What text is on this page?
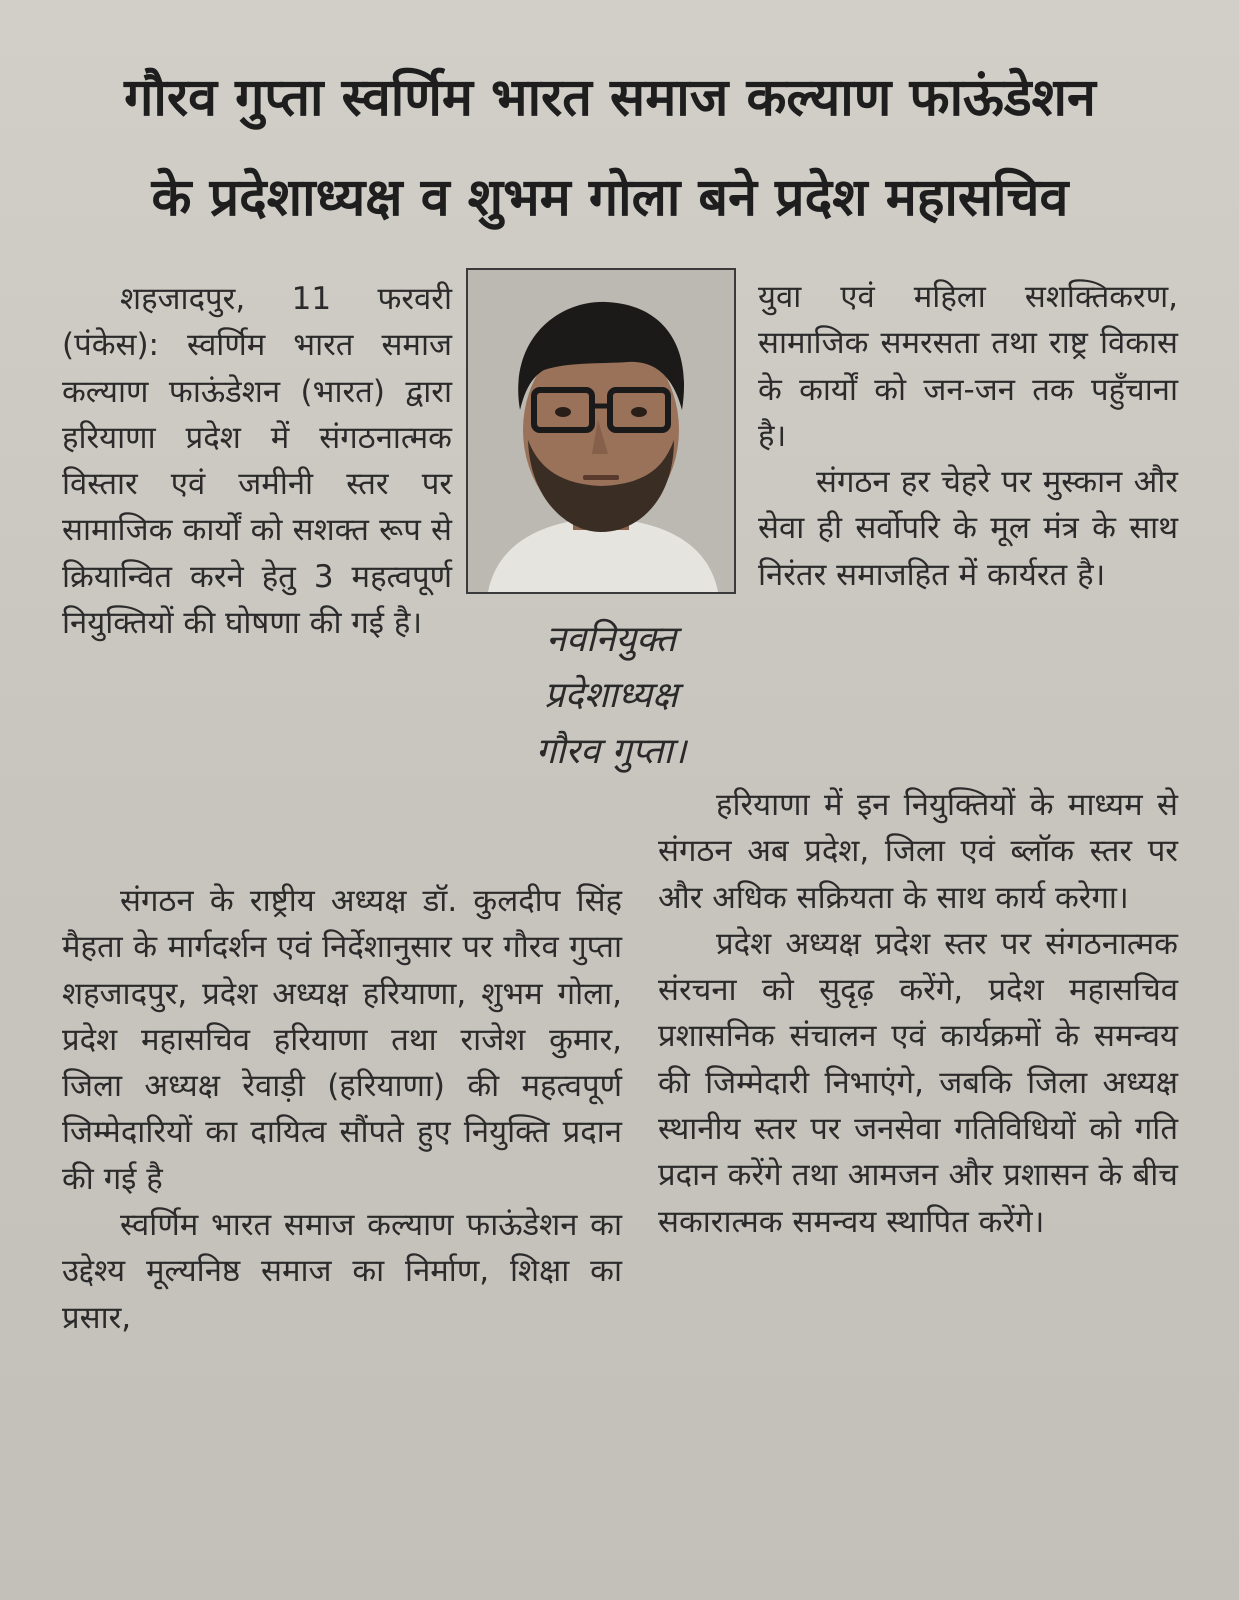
गौरव गुप्ता स्वर्णिम भारत समाज कल्याण फाऊंडेशन
के प्रदेशाध्यक्ष व शुभम गोला बने प्रदेश महासचिव

शहजादपुर, 11 फरवरी (पंकेस): स्वर्णिम भारत समाज कल्याण फाऊंडेशन (भारत) द्वारा हरियाणा प्रदेश में संगठनात्मक विस्तार एवं जमीनी स्तर पर सामाजिक कार्यों को सशक्त रूप से क्रियान्वित करने हेतु 3 महत्वपूर्ण नियुक्तियों की घोषणा की गई है।	नवनियुक्त
प्रदेशाध्यक्ष
गौरव गुप्ता।

युवा एवं महिला सशक्तिकरण, सामाजिक समरसता तथा राष्ट्र विकास के कार्यों को जन-जन तक पहुँचाना है।

संगठन हर चेहरे पर मुस्कान और सेवा ही सर्वोपरि के मूल मंत्र के साथ निरंतर समाजहित में कार्यरत है।

संगठन के राष्ट्रीय अध्यक्ष डॉ. कुलदीप सिंह मैहता के मार्गदर्शन एवं निर्देशानुसार पर गौरव गुप्ता शहजादपुर, प्रदेश अध्यक्ष हरियाणा, शुभम गोला, प्रदेश महासचिव हरियाणा तथा राजेश कुमार, जिला अध्यक्ष रेवाड़ी (हरियाणा) की महत्वपूर्ण जिम्मेदारियों का दायित्व सौंपते हुए नियुक्ति प्रदान की गई है

स्वर्णिम भारत समाज कल्याण फाऊंडेशन का उद्देश्य मूल्यनिष्ठ समाज का निर्माण, शिक्षा का प्रसार,

हरियाणा में इन नियुक्तियों के माध्यम से संगठन अब प्रदेश, जिला एवं ब्लॉक स्तर पर और अधिक सक्रियता के साथ कार्य करेगा।

प्रदेश अध्यक्ष प्रदेश स्तर पर संगठनात्मक संरचना को सुदृढ़ करेंगे, प्रदेश महासचिव प्रशासनिक संचालन एवं कार्यक्रमों के समन्वय की जिम्मेदारी निभाएंगे, जबकि जिला अध्यक्ष स्थानीय स्तर पर जनसेवा गतिविधियों को गति प्रदान करेंगे तथा आमजन और प्रशासन के बीच सकारात्मक समन्वय स्थापित करेंगे।
